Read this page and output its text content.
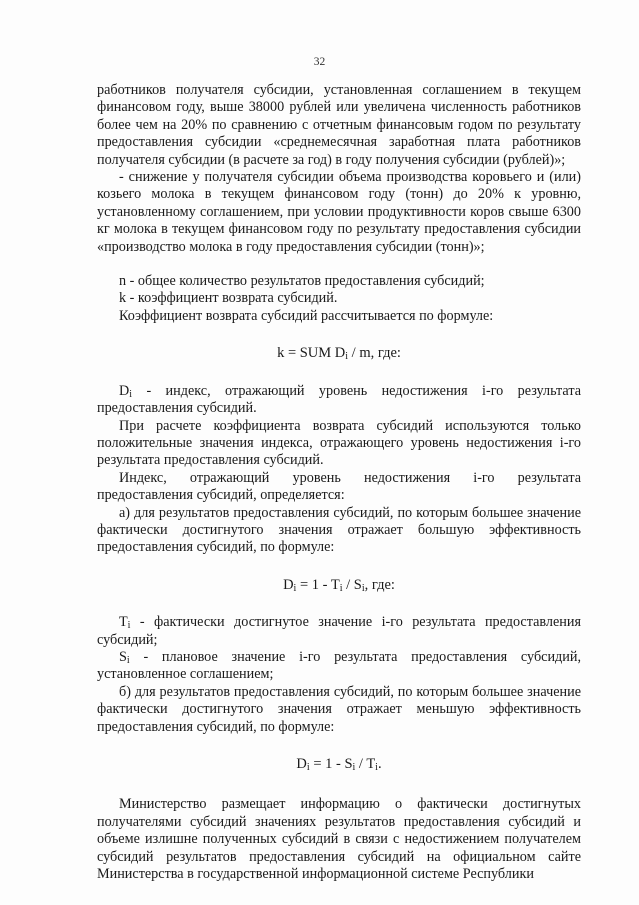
32

работников получателя субсидии, установленная соглашением в текущем финансовом году, выше 38000 рублей или увеличена численность работников более чем на 20% по сравнению с отчетным финансовым годом по результату предоставления субсидии «среднемесячная заработная плата работников получателя субсидии (в расчете за год) в году получения субсидии (рублей)»;

- снижение у получателя субсидии объема производства коровьего и (или) козьего молока в текущем финансовом году (тонн) до 20% к уровню, установленному соглашением, при условии продуктивности коров свыше 6300 кг молока в текущем финансовом году по результату предоставления субсидии «производство молока в году предоставления субсидии (тонн)»;

n - общее количество результатов предоставления субсидий;

k - коэффициент возврата субсидий.

Коэффициент возврата субсидий рассчитывается по формуле:

k = SUM $D_i$ / m, где:

$D_i$ - индекс, отражающий уровень недостижения i-го результата предоставления субсидий.

При расчете коэффициента возврата субсидий используются только положительные значения индекса, отражающего уровень недостижения i-го результата предоставления субсидий.

Индекс, отражающий уровень недостижения i-го результата предоставления субсидий, определяется:

а) для результатов предоставления субсидий, по которым большее значение фактически достигнутого значения отражает большую эффективность предоставления субсидий, по формуле:

$D_i = 1 - T_i / S_i$, где:

$T_i$ - фактически достигнутое значение i-го результата предоставления субсидий;

$S_i$ - плановое значение i-го результата предоставления субсидий, установленное соглашением;

б) для результатов предоставления субсидий, по которым большее значение фактически достигнутого значения отражает меньшую эффективность предоставления субсидий, по формуле:

$D_i = 1 - S_i / T_i$.

Министерство размещает информацию о фактически достигнутых получателями субсидий значениях результатов предоставления субсидий и объеме излишне полученных субсидий в связи с недостижением получателем субсидий результатов предоставления субсидий на официальном сайте Министерства в государственной информационной системе Республики
